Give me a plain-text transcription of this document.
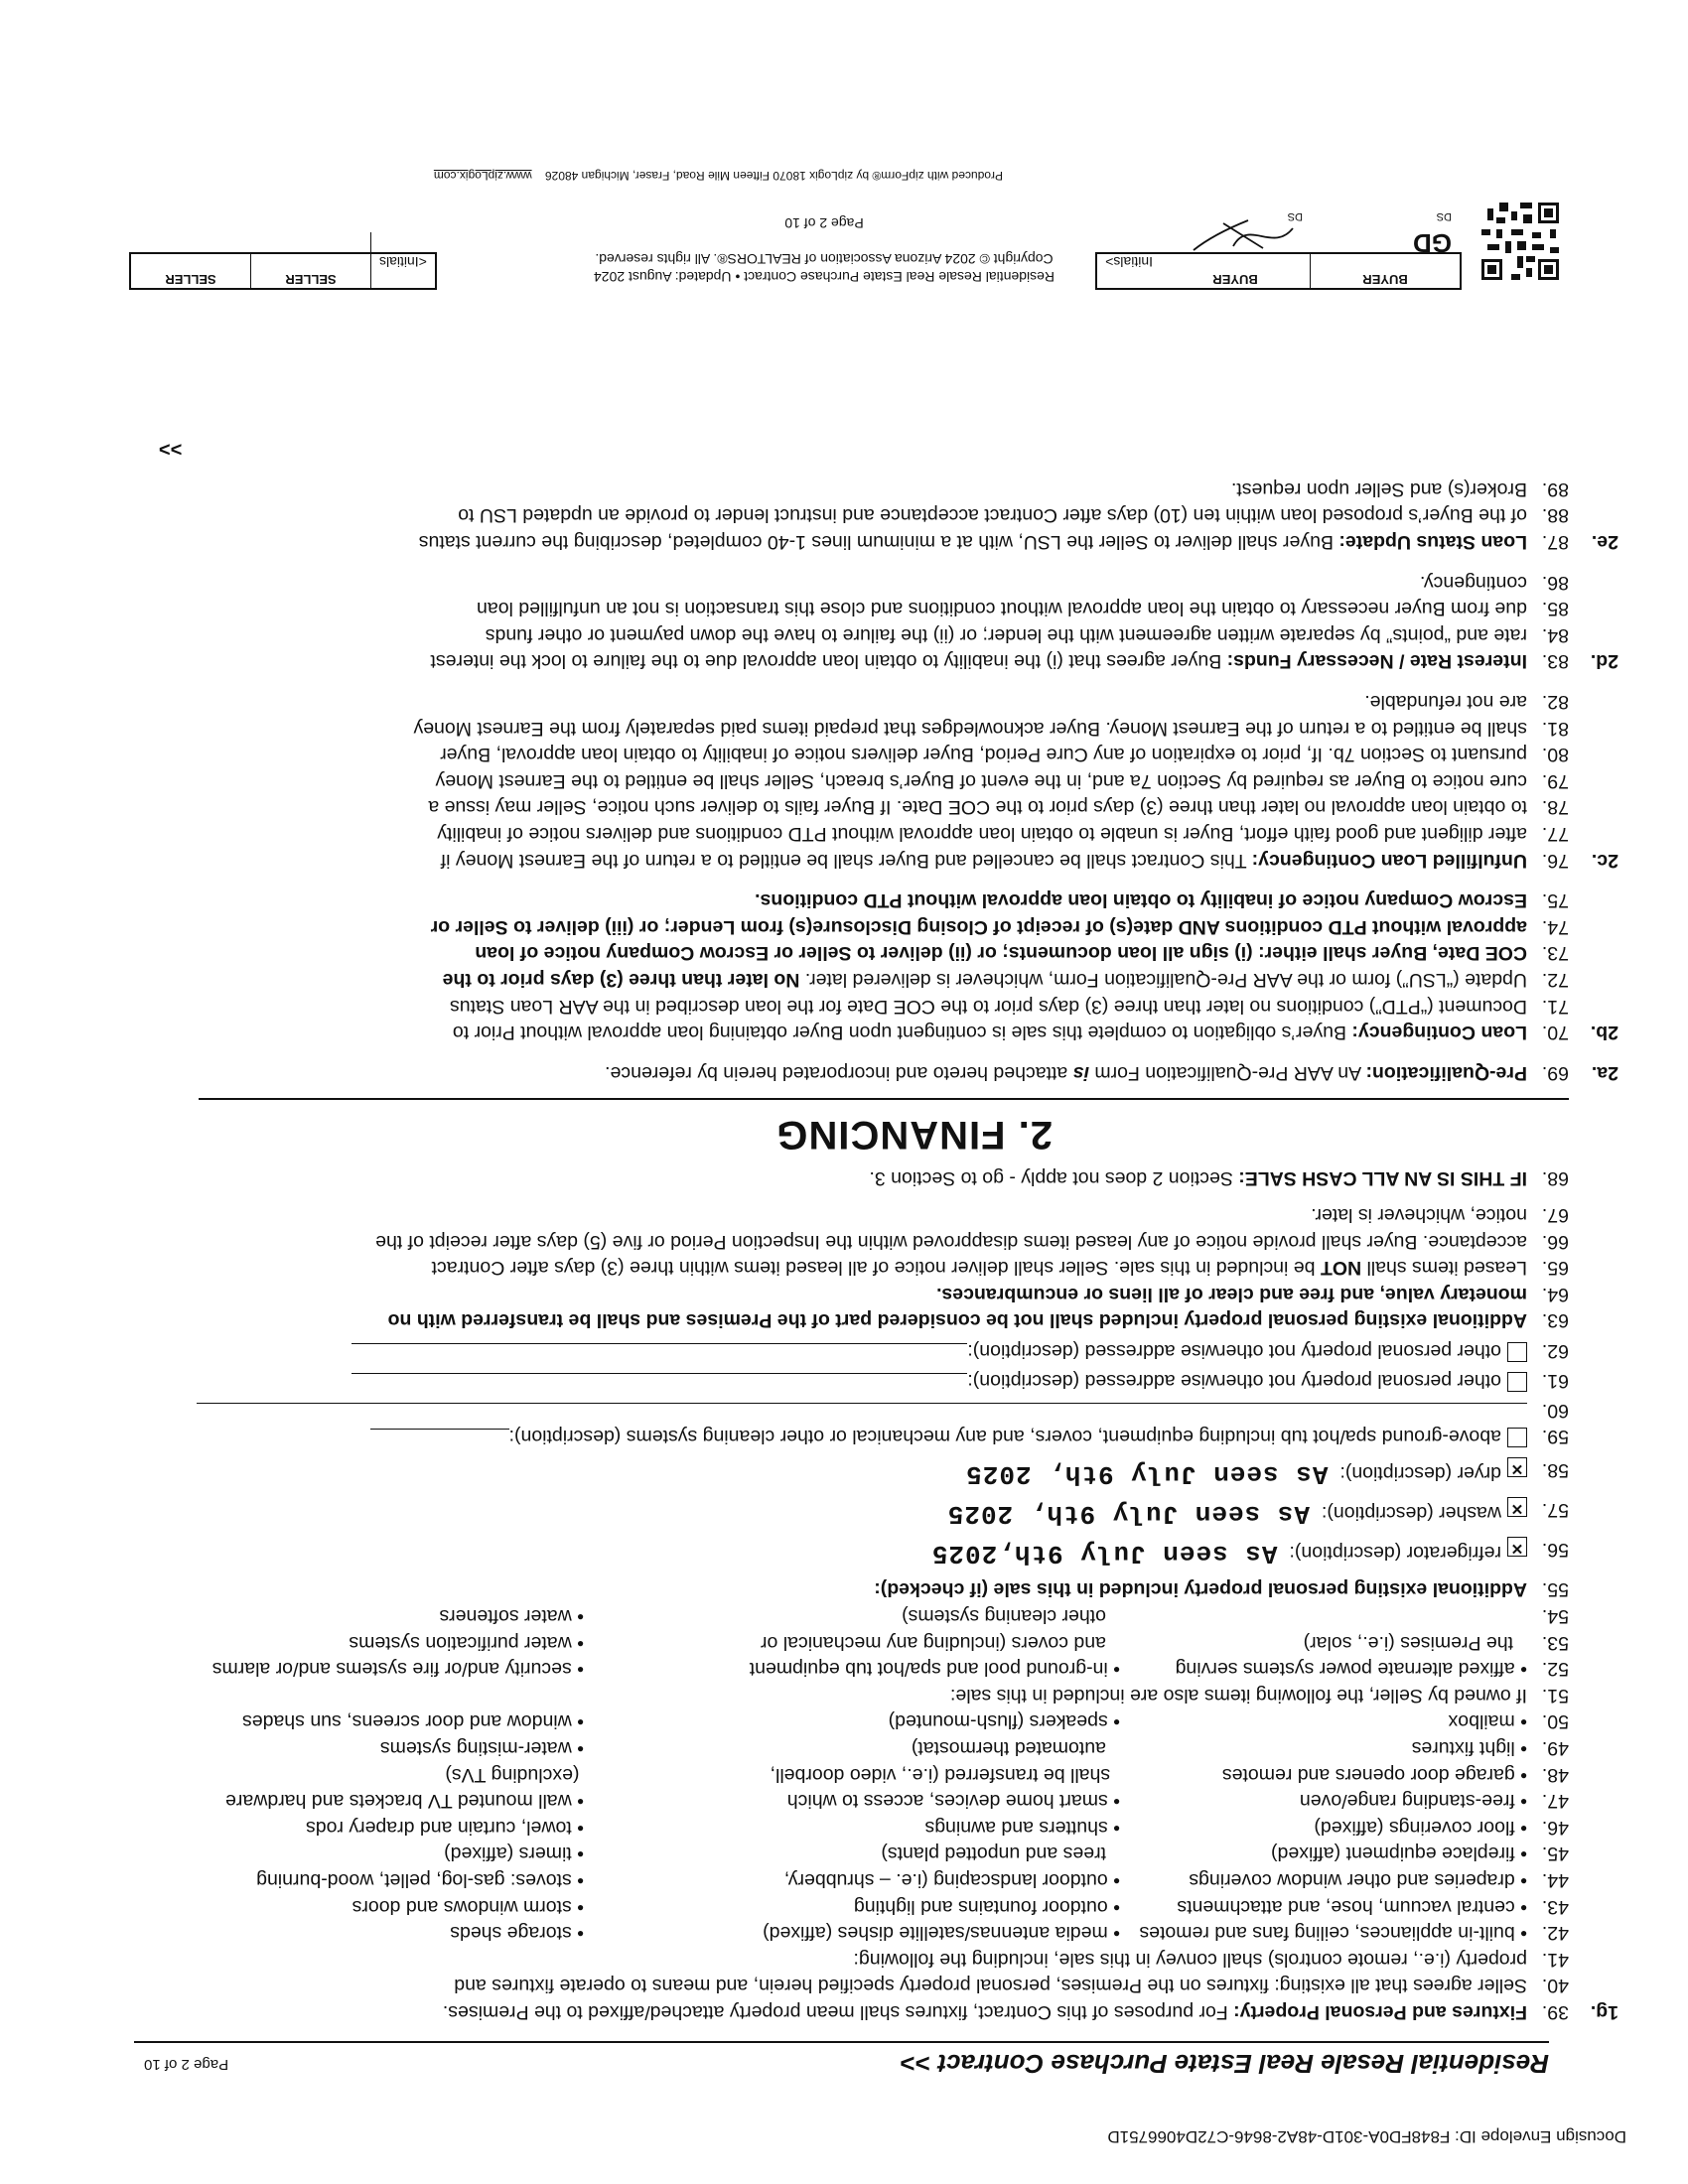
Docusign Envelope ID: F848FD0A-301D-48A2-8646-C72D4066751D
Residential Resale Real Estate Purchase Contract >>
Page 2 of 10
1g.
39.
Fixtures and Personal Property: For purposes of this Contract, fixtures shall mean property attached/affixed to the Premises.
40.
Seller agrees that all existing: fixtures on the Premises, personal property specified herein, and means to operate fixtures and
41.
property (i.e., remote controls) shall convey in this sale, including the following:
42.
• built-in appliances, ceiling fans and remotes
• media antennas/satellite dishes (affixed)
• storage sheds
43.
• central vacuum, hose, and attachments
• outdoor fountains and lighting
• storm windows and doors
44.
• draperies and other window coverings
• outdoor landscaping (i.e. – shrubbery,
• stoves: gas-log, pellet, wood-burning
45.
• fireplace equipment (affixed)
trees and unpotted plants)
• timers (affixed)
46.
• floor coverings (affixed)
• shutters and awnings
• towel, curtain and drapery rods
47.
• free-standing range/oven
• smart home devices, access to which
• wall mounted TV brackets and hardware
48.
• garage door openers and remotes
shall be transferred (i.e., video doorbell,
(excluding TVs)
49.
• light fixtures
automated thermostat)
• water-misting systems
50.
• mailbox
• speakers (flush-mounted)
• window and door screens, sun shades
51.
If owned by Seller, the following items also are included in this sale:
52.
• affixed alternate power systems serving
• in-ground pool and spa/hot tub equipment
• security and/or fire systems and/or alarms
53.
the Premises (i.e., solar)
and covers (including any mechanical or
• water purification systems
54.
other cleaning systems)
• water softeners
55.
Additional existing personal property included in this sale (if checked):
56.
✕refrigerator (description):As seen July 9th,2025
57.
✕washer (description):As seen July 9th, 2025
58.
✕dryer (description):As seen July 9th, 2025
59.
above-ground spa/hot tub including equipment, covers, and any mechanical or other cleaning systems (description):
60.
61.
other personal property not otherwise addressed (description):
62.
other personal property not otherwise addressed (description):
63.
Additional existing personal property included shall not be considered part of the Premises and shall be transferred with no
64.
monetary value, and free and clear of all liens or encumbrances.
65.
Leased items shall NOT be included in this sale. Seller shall deliver notice of all leased items within three (3) days after Contract
66.
acceptance. Buyer shall provide notice of any leased items disapproved within the Inspection Period or five (5) days after receipt of the
67.
notice, whichever is later.
68.
IF THIS IS AN ALL CASH SALE: Section 2 does not apply - go to Section 3.
2. FINANCING
2a.
69.
Pre-Qualification: An AAR Pre-Qualification Form is attached hereto and incorporated herein by reference.
2b.
70.
Loan Contingency: Buyer’s obligation to complete this sale is contingent upon Buyer obtaining loan approval without Prior to
71.
Document (“PTD”) conditions no later than three (3) days prior to the COE Date for the loan described in the AAR Loan Status
72.
Update (“LSU”) form or the AAR Pre-Qualification Form, whichever is delivered later. No later than three (3) days prior to the
73.
COE Date, Buyer shall either: (i) sign all loan documents; or (ii) deliver to Seller or Escrow Company notice of loan
74.
approval without PTD conditions AND date(s) of receipt of Closing Disclosure(s) from Lender; or (iii) deliver to Seller or
75.
Escrow Company notice of inability to obtain loan approval without PTD conditions.
2c.
76.
Unfulfilled Loan Contingency: This Contract shall be cancelled and Buyer shall be entitled to a return of the Earnest Money if
77.
after diligent and good faith effort, Buyer is unable to obtain loan approval without PTD conditions and delivers notice of inability
78.
to obtain loan approval no later than three (3) days prior to the COE Date. If Buyer fails to deliver such notice, Seller may issue a
79.
cure notice to Buyer as required by Section 7a and, in the event of Buyer’s breach, Seller shall be entitled to the Earnest Money
80.
pursuant to Section 7b. If, prior to expiration of any Cure Period, Buyer delivers notice of inability to obtain loan approval, Buyer
81.
shall be entitled to a return of the Earnest Money. Buyer acknowledges that prepaid items paid separately from the Earnest Money
82.
are not refundable.
2d.
83.
Interest Rate / Necessary Funds: Buyer agrees that (i) the inability to obtain loan approval due to the failure to lock the interest
84.
rate and “points” by separate written agreement with the lender; or (ii) the failure to have the down payment or other funds
85.
due from Buyer necessary to obtain the loan approval without conditions and close this transaction is not an unfulfilled loan
86.
contingency.
2e.
87.
Loan Status Update: Buyer shall deliver to Seller the LSU, with at a minimum lines 1-40 completed, describing the current status
88.
of the Buyer’s proposed loan within ten (10) days after Contract acceptance and instruct lender to provide an updated LSU to
89.
Broker(s) and Seller upon request.
>>
BUYER
BUYER
Initials>
GD
DS
DS
Residential Resale Real Estate Purchase Contract • Updated: August 2024
Copyright © 2024 Arizona Association of REALTORS®. All rights reserved.
Page 2 of 10
<Initials
SELLER
SELLER
Produced with zipForm® by zipLogix 18070 Fifteen Mile Road, Fraser, Michigan 48026    www.zipLogix.com
